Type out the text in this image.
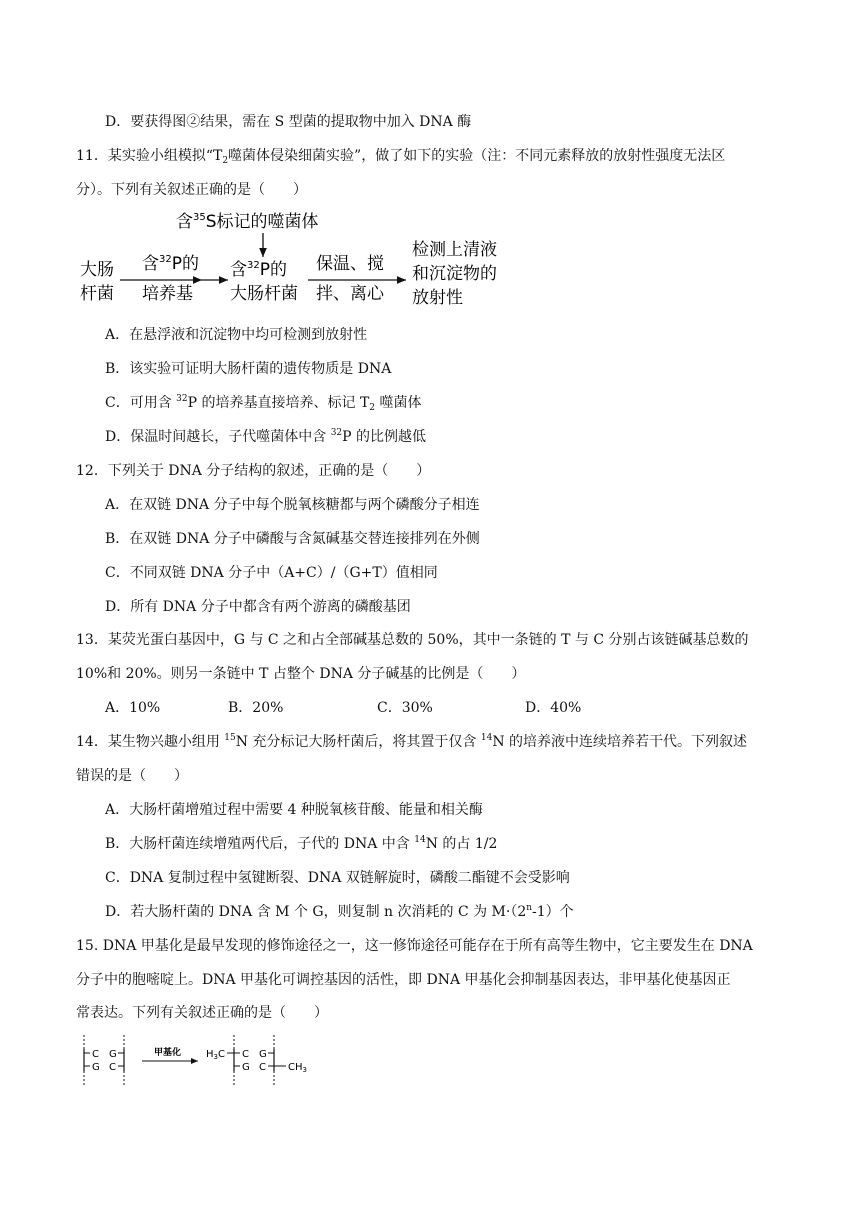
D．要获得图②结果，需在 S 型菌的提取物中加入 DNA 酶
11．某实验小组模拟“$T_2$噬菌体侵染细菌实验”，做了如下的实验（注：不同元素释放的放射性强度无法区
分）。下列有关叙述正确的是（　　）
含$^{35}$S标记的噬菌体
大肠
杆菌
含$^{32}$P的
培养基
含$^{32}$P的
大肠杆菌
保温、搅
拌、离心
检测上清液
和沉淀物的
放射性
A．在悬浮液和沉淀物中均可检测到放射性
B．该实验可证明大肠杆菌的遗传物质是 DNA
C．可用含 $^{32}$P 的培养基直接培养、标记 $T_2$ 噬菌体
D．保温时间越长，子代噬菌体中含 $^{32}$P 的比例越低
12．下列关于 DNA 分子结构的叙述，正确的是（　　）
A．在双链 DNA 分子中每个脱氧核糖都与两个磷酸分子相连
B．在双链 DNA 分子中磷酸与含氮碱基交替连接排列在外侧
C．不同双链 DNA 分子中（A+C）/（G+T）值相同
D．所有 DNA 分子中都含有两个游离的磷酸基团
13．某荧光蛋白基因中，G 与 C 之和占全部碱基总数的 50%，其中一条链的 T 与 C 分别占该链碱基总数的
10%和 20%。则另一条链中 T 占整个 DNA 分子碱基的比例是（　　）
A．10%	B．20%	C．30%	D．40%
14．某生物兴趣小组用 $^{15}$N 充分标记大肠杆菌后，将其置于仅含 $^{14}$N 的培养液中连续培养若干代。下列叙述
错误的是（　　）
A．大肠杆菌增殖过程中需要 4 种脱氧核苷酸、能量和相关酶
B．大肠杆菌连续增殖两代后，子代的 DNA 中含 $^{14}$N 的占 1/2
C．DNA 复制过程中氢键断裂、DNA 双链解旋时，磷酸二酯键不会受影响
D．若大肠杆菌的 DNA 含 M 个 G，则复制 n 次消耗的 C 为 $M\cdot(2^n-1)$个
15. DNA 甲基化是最早发现的修饰途径之一，这一修饰途径可能存在于所有高等生物中，它主要发生在 DNA
分子中的胞嘧啶上。DNA 甲基化可调控基因的活性，即 DNA 甲基化会抑制基因表达，非甲基化使基因正
常表达。下列有关叙述正确的是（　　）
C G
G C
甲基化 $H_3C$ C G
G C $CH_3$
